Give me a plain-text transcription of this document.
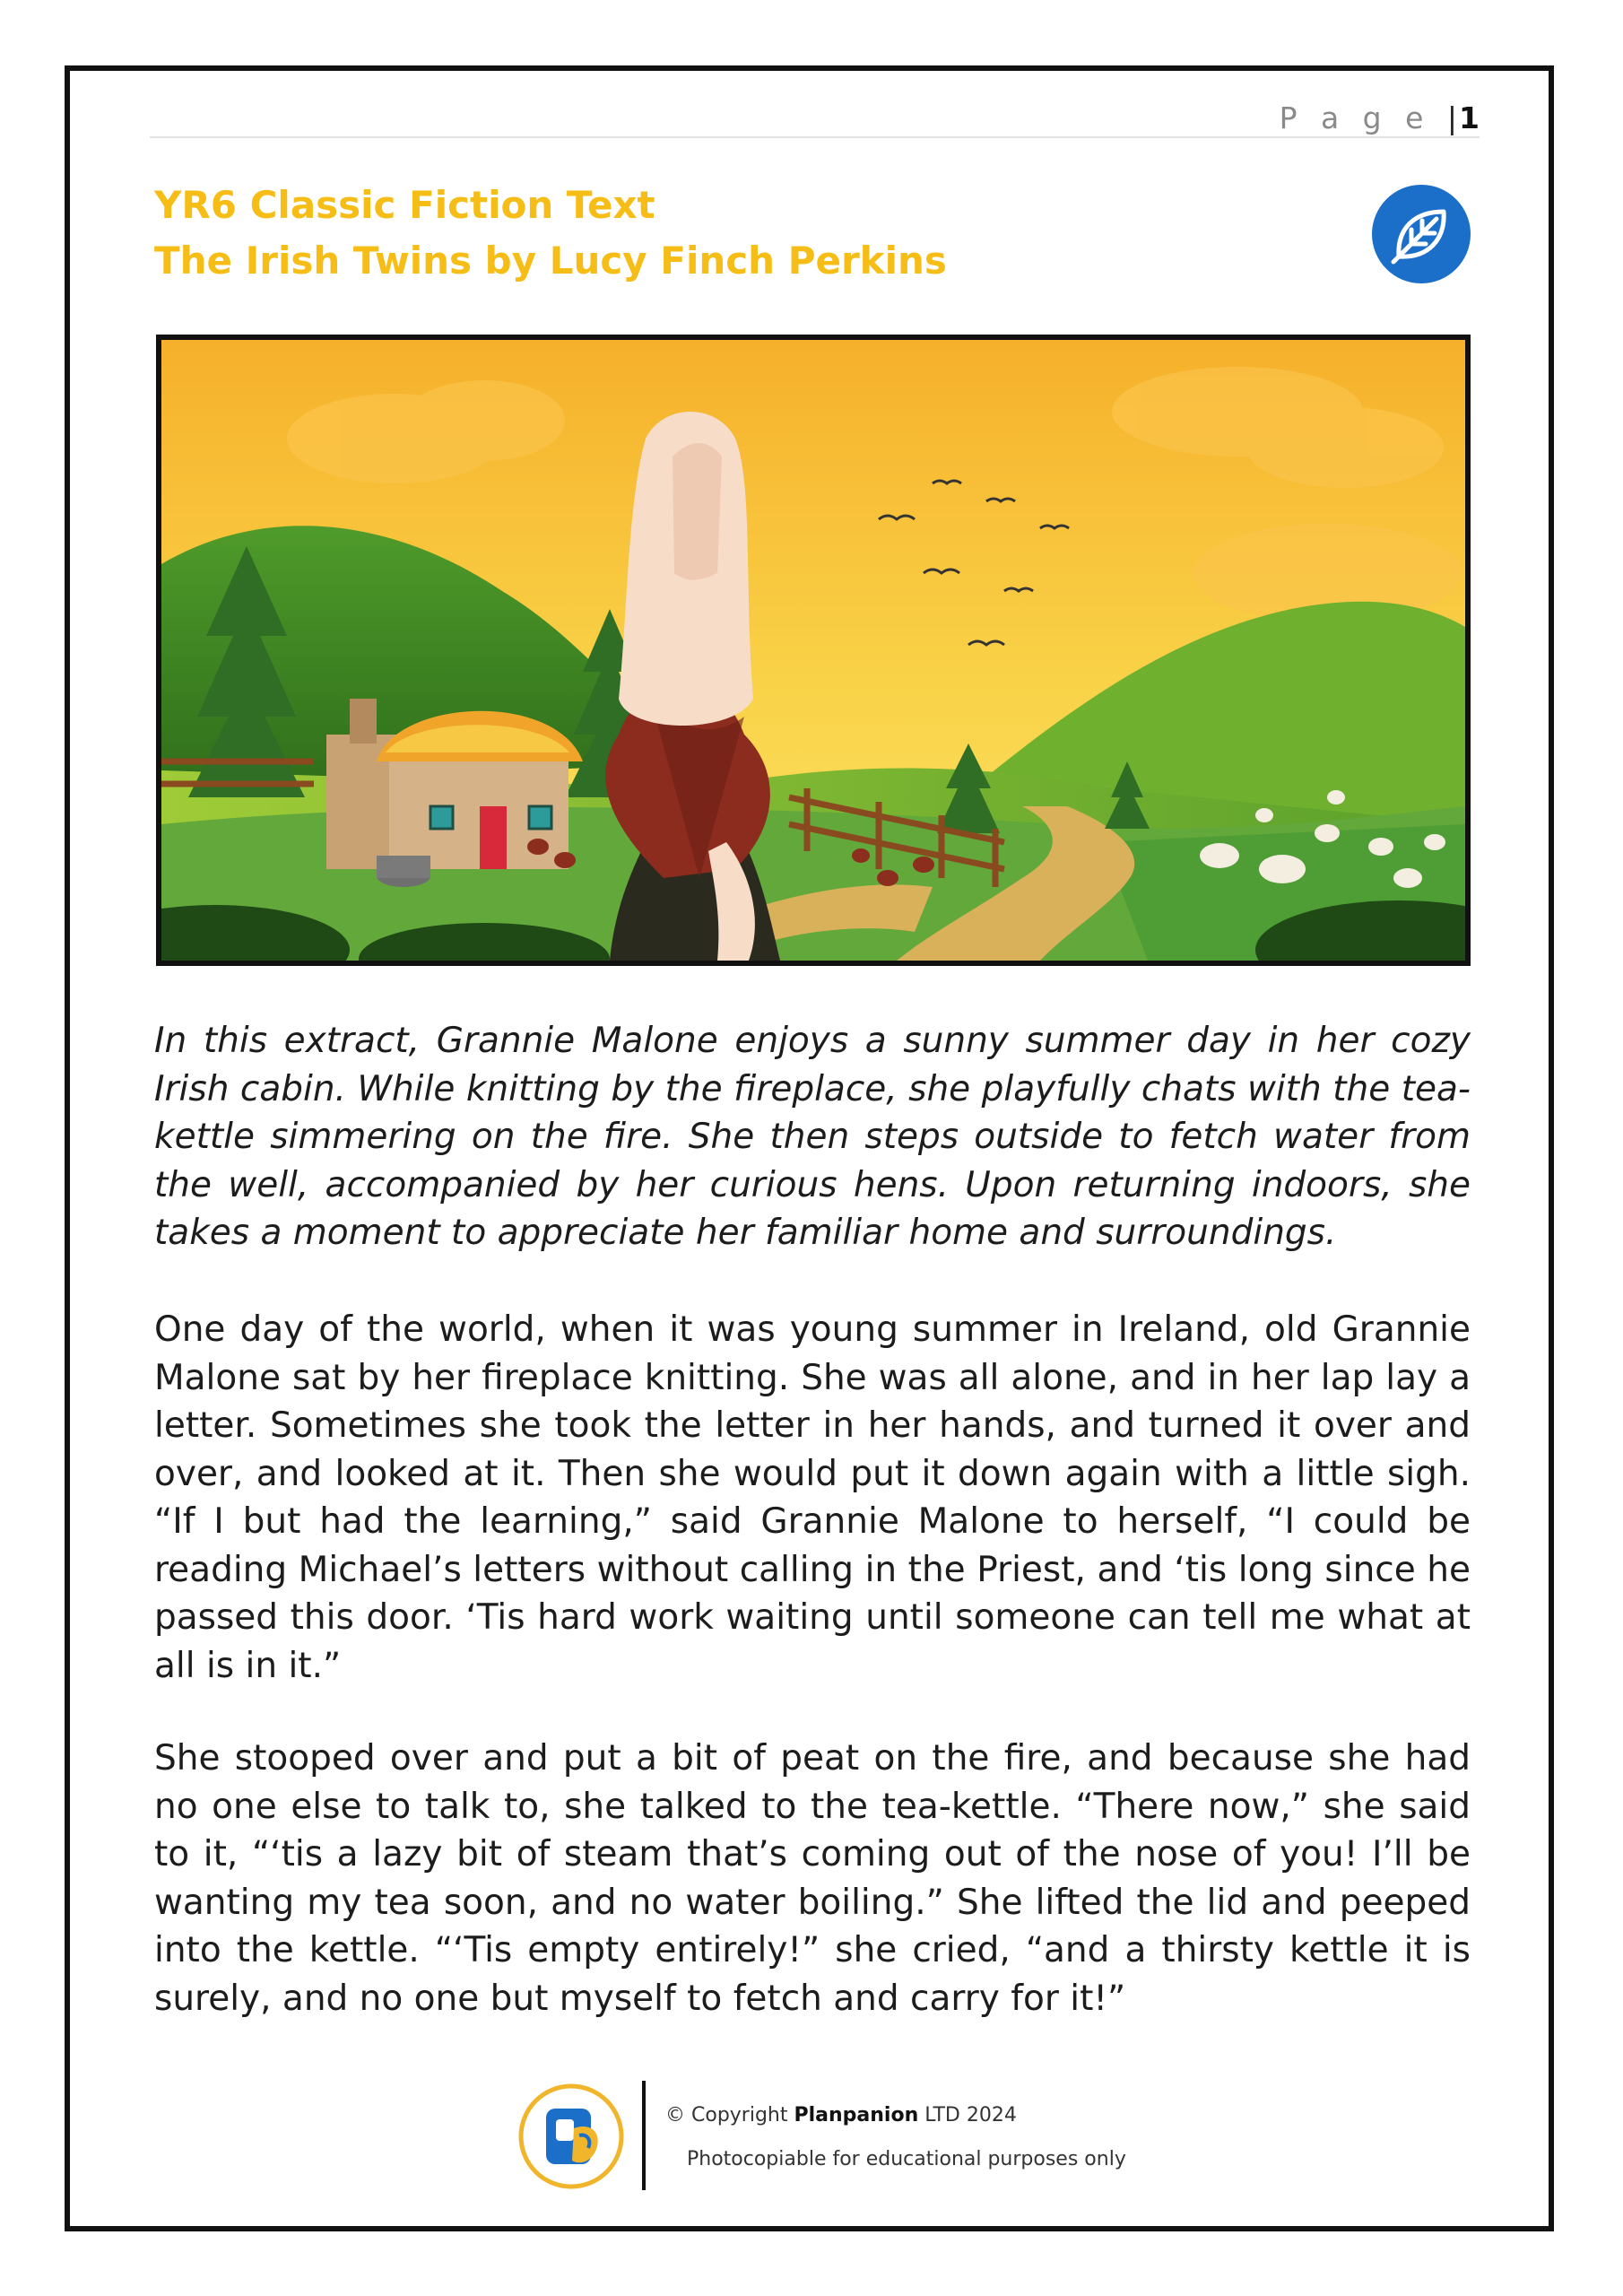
P a g e |1
YR6 Classic Fiction Text
The Irish Twins by Lucy Finch Perkins
In this extract, Grannie Malone enjoys a sunny summer day in her cozy Irish cabin. While knitting by the fireplace, she playfully chats with the tea-kettle simmering on the fire. She then steps outside to fetch water from the well, accompanied by her curious hens. Upon returning indoors, she takes a moment to appreciate her familiar home and surroundings.
One day of the world, when it was young summer in Ireland, old Grannie Malone sat by her fireplace knitting. She was all alone, and in her lap lay a letter. Sometimes she took the letter in her hands, and turned it over and over, and looked at it. Then she would put it down again with a little sigh. “If I but had the learning,” said Grannie Malone to herself, “I could be reading Michael’s letters without calling in the Priest, and ‘tis long since he passed this door. ‘Tis hard work waiting until someone can tell me what at all is in it.”
She stooped over and put a bit of peat on the fire, and because she had no one else to talk to, she talked to the tea-kettle. “There now,” she said to it, “‘tis a lazy bit of steam that’s coming out of the nose of you! I’ll be wanting my tea soon, and no water boiling.” She lifted the lid and peeped into the kettle. “‘Tis empty entirely!” she cried, “and a thirsty kettle it is surely, and no one but myself to fetch and carry for it!”
© Copyright Planpanion LTD 2024
Photocopiable for educational purposes only
